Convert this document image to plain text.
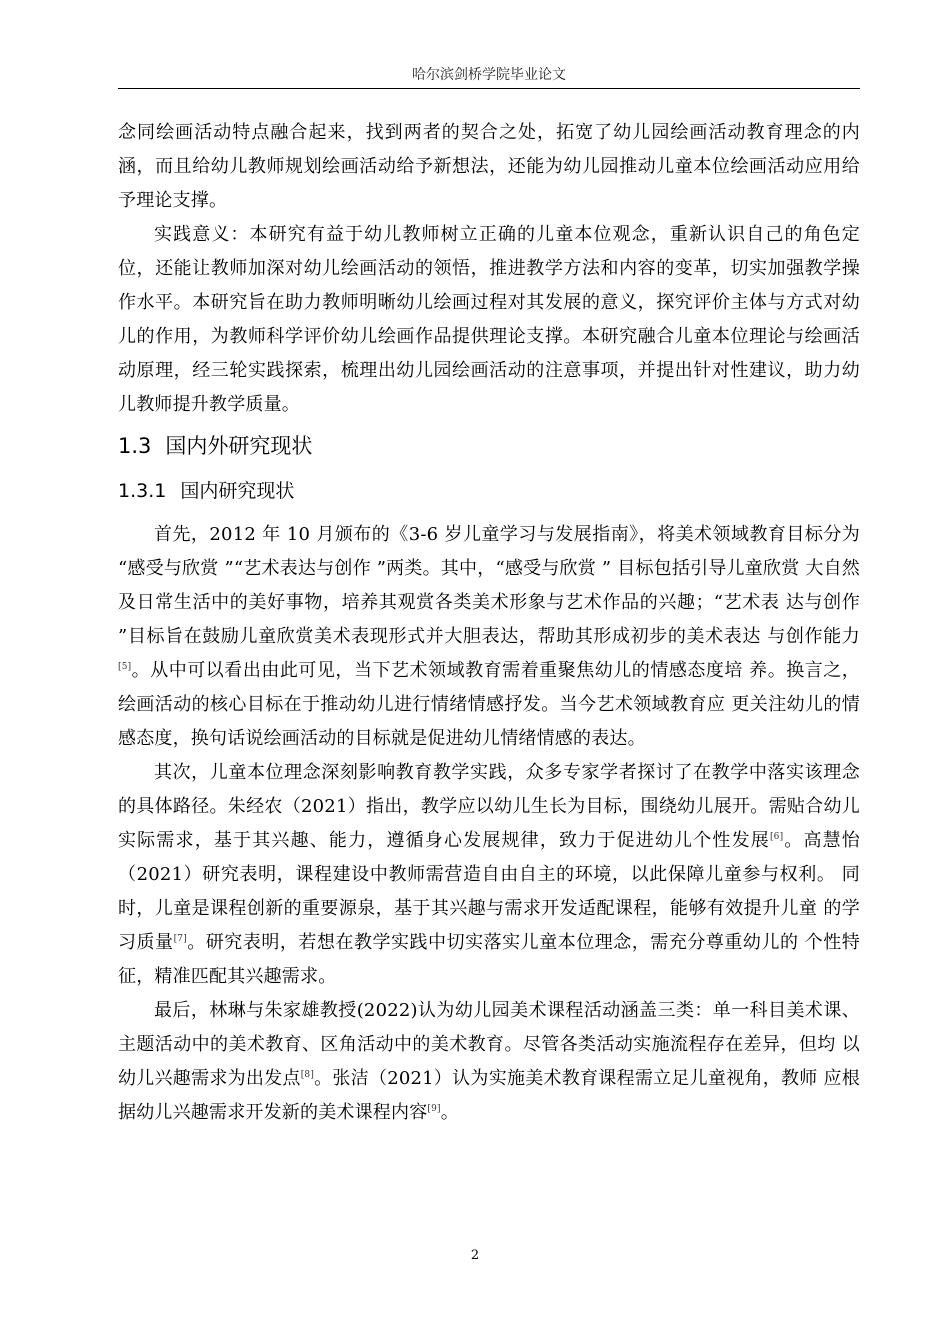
哈尔滨剑桥学院毕业论文

念同绘画活动特点融合起来，找到两者的契合之处，拓宽了幼儿园绘画活动教育理念的内涵，而且给幼儿教师规划绘画活动给予新想法，还能为幼儿园推动儿童本位绘画活动应用给予理论支撑。

实践意义：本研究有益于幼儿教师树立正确的儿童本位观念，重新认识自己的角色定位，还能让教师加深对幼儿绘画活动的领悟，推进教学方法和内容的变革，切实加强教学操作水平。本研究旨在助力教师明晰幼儿绘画过程对其发展的意义，探究评价主体与方式对幼儿的作用，为教师科学评价幼儿绘画作品提供理论支撑。本研究融合儿童本位理论与绘画活动原理，经三轮实践探索，梳理出幼儿园绘画活动的注意事项，并提出针对性建议，助力幼儿教师提升教学质量。

1.3 国内外研究现状
1.3.1 国内研究现状

首先，2012 年 10 月颁布的《3-6 岁儿童学习与发展指南》，将美术领域教育目标分为 “感受与欣赏 ”“艺术表达与创作 ”两类。其中，“感受与欣赏 ” 目标包括引导儿童欣赏 大自然及日常生活中的美好事物，培养其观赏各类美术形象与艺术作品的兴趣；“艺术表 达与创作 ”目标旨在鼓励儿童欣赏美术表现形式并大胆表达，帮助其形成初步的美术表达 与创作能力[5]。从中可以看出由此可见，当下艺术领域教育需着重聚焦幼儿的情感态度培 养。换言之，绘画活动的核心目标在于推动幼儿进行情绪情感抒发。当今艺术领域教育应 更关注幼儿的情感态度，换句话说绘画活动的目标就是促进幼儿情绪情感的表达。

其次，儿童本位理念深刻影响教育教学实践，众多专家学者探讨了在教学中落实该理念的具体路径。朱经农（2021）指出，教学应以幼儿生长为目标，围绕幼儿展开。需贴合幼儿实际需求，基于其兴趣、能力，遵循身心发展规律，致力于促进幼儿个性发展[6]。高慧怡（2021）研究表明，课程建设中教师需营造自由自主的环境，以此保障儿童参与权利。 同时，儿童是课程创新的重要源泉，基于其兴趣与需求开发适配课程，能够有效提升儿童 的学习质量[7]。研究表明，若想在教学实践中切实落实儿童本位理念，需充分尊重幼儿的 个性特征，精准匹配其兴趣需求。

最后，林琳与朱家雄教授(2022)认为幼儿园美术课程活动涵盖三类：单一科目美术课、 主题活动中的美术教育、区角活动中的美术教育。尽管各类活动实施流程存在差异，但均 以幼儿兴趣需求为出发点[8]。张洁（2021）认为实施美术教育课程需立足儿童视角，教师 应根据幼儿兴趣需求开发新的美术课程内容[9]。

2
